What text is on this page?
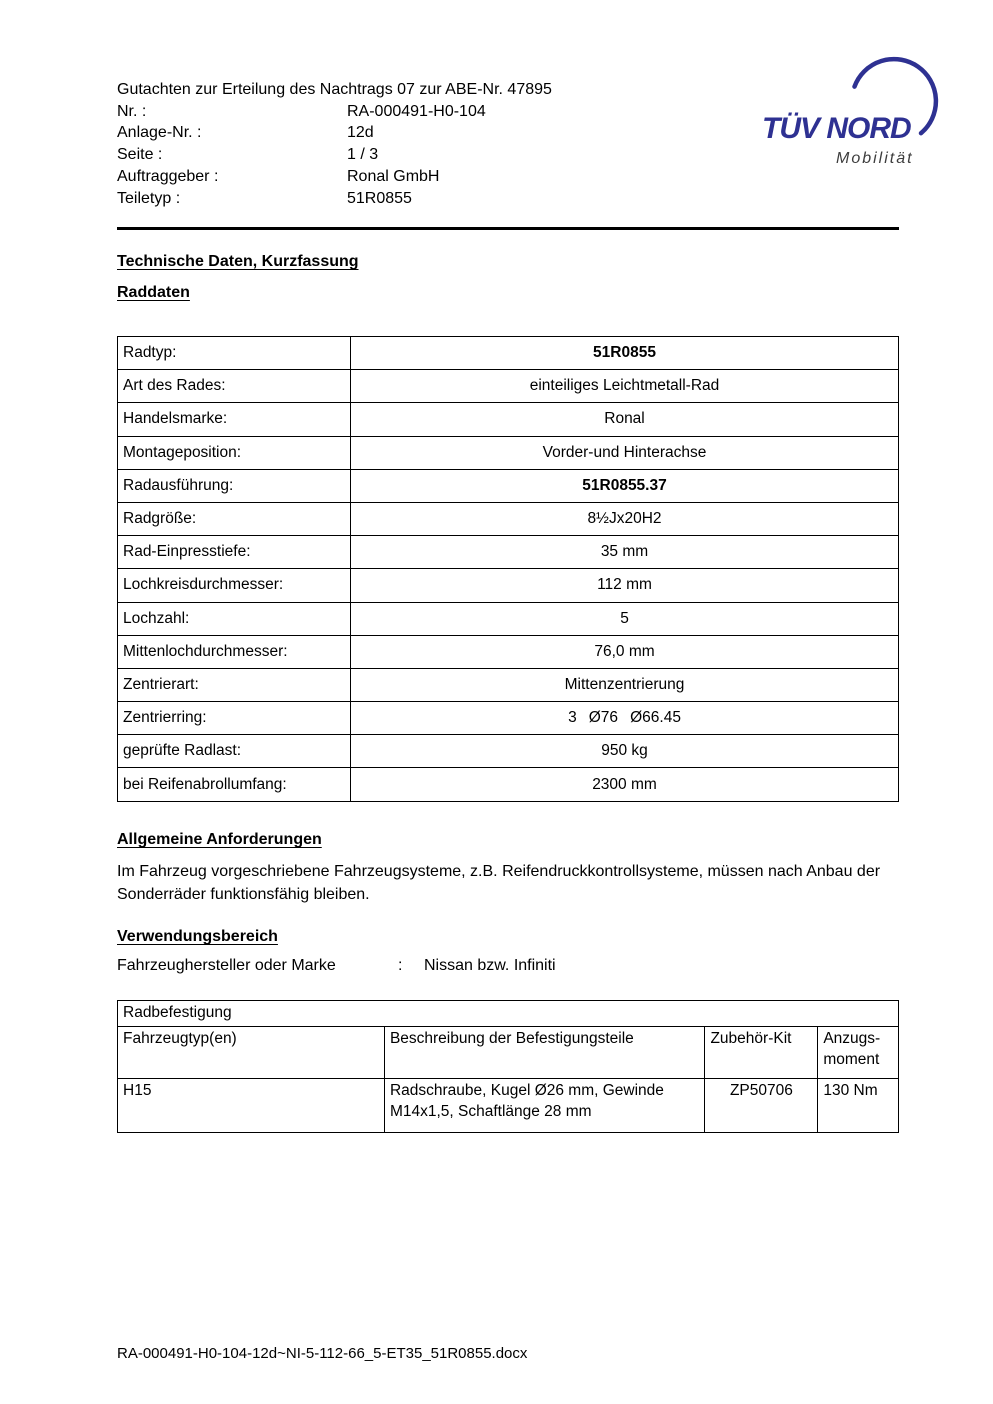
Gutachten zur Erteilung des Nachtrags 07 zur ABE-Nr. 47895
Nr. :	RA-000491-H0-104
Anlage-Nr. :	12d
Seite :	1 / 3
Auftraggeber :	Ronal GmbH
Teiletyp :	51R0855
TÜV NORD
Mobilität
Technische Daten, Kurzfassung
Raddaten
Radtyp:	51R0855
Art des Rades:	einteiliges Leichtmetall-Rad
Handelsmarke:	Ronal
Montageposition:	Vorder-und Hinterachse
Radausführung:	51R0855.37
Radgröße:	8½Jx20H2
Rad-Einpresstiefe:	35 mm
Lochkreisdurchmesser:	112 mm
Lochzahl:	5
Mittenlochdurchmesser:	76,0 mm
Zentrierart:	Mittenzentrierung
Zentrierring:	3  Ø76  Ø66.45
geprüfte Radlast:	950 kg
bei Reifenabrollumfang:	2300 mm
Allgemeine Anforderungen
Im Fahrzeug vorgeschriebene Fahrzeugsysteme, z.B. Reifendruckkontrollsysteme, müssen nach Anbau der Sonderräder funktionsfähig bleiben.
Verwendungsbereich
Fahrzeughersteller oder Marke	:	Nissan bzw. Infiniti
Radbefestigung			
Fahrzeugtyp(en)	Beschreibung der Befestigungsteile	Zubehör-Kit	Anzugs-moment
H15	Radschraube, Kugel Ø26 mm, Gewinde M14x1,5, Schaftlänge 28 mm	ZP50706	130 Nm
RA-000491-H0-104-12d~NI-5-112-66_5-ET35_51R0855.docx
